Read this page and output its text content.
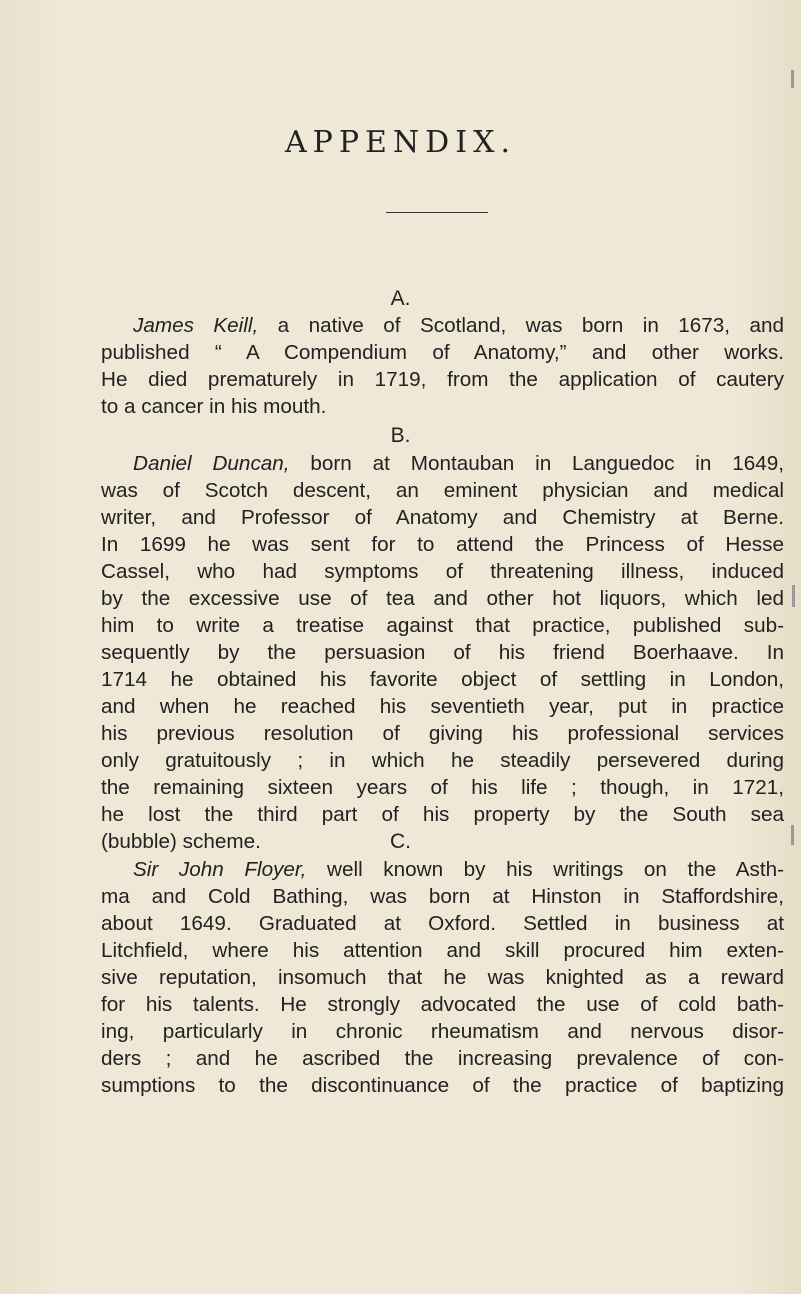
APPENDIX.
A.
James Keill, a native of Scotland, was born in 1673, and
published “ A Compendium of Anatomy,” and other works.
He died prematurely in 1719, from the application of cautery
to a cancer in his mouth.
B.
Daniel Duncan, born at Montauban in Languedoc in 1649,
was of Scotch descent, an eminent physician and medical
writer, and Professor of Anatomy and Chemistry at Berne.
In 1699 he was sent for to attend the Princess of Hesse
Cassel, who had symptoms of threatening illness, induced
by the excessive use of tea and other hot liquors, which led
him to write a treatise against that practice, published sub-
sequently by the persuasion of his friend Boerhaave. In
1714 he obtained his favorite object of settling in London,
and when he reached his seventieth year, put in practice
his previous resolution of giving his professional services
only gratuitously ; in which he steadily persevered during
the remaining sixteen years of his life ; though, in 1721,
he lost the third part of his property by the South sea
(bubble) scheme.	C.
Sir John Floyer, well known by his writings on the Asth-
ma and Cold Bathing, was born at Hinston in Staffordshire,
about 1649. Graduated at Oxford. Settled in business at
Litchfield, where his attention and skill procured him exten-
sive reputation, insomuch that he was knighted as a reward
for his talents. He strongly advocated the use of cold bath-
ing, particularly in chronic rheumatism and nervous disor-
ders ; and he ascribed the increasing prevalence of con-
sumptions to the discontinuance of the practice of baptizing
